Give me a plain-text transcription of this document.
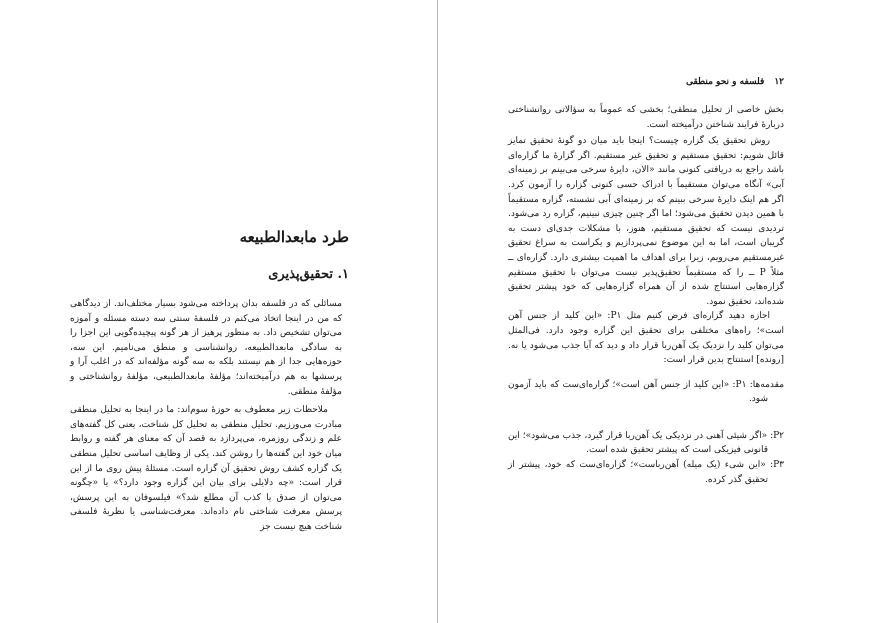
طرد مابعدالطبیعه
۱. تحقیق‌پذیری

مسائلی که در فلسفه بدان پرداخته می‌شود بسیار مختلف‌اند. از دیدگاهی که من در اینجا اتخاذ می‌کنم در فلسفهٔ سنتی سه دسته مسئله و آموزه می‌توان تشخیص داد. به منظور پرهیز از هر گونه پیچیده‌گویی این اجزا را به سادگی مابعدالطبیعه، روانشناسی و منطق می‌نامیم. این سه، حوزه‌هایی جدا از هم نیستند بلکه به سه گونه مؤلفه‌اند که در اغلب آرا و پرسشها به هم درآمیخته‌اند؛ مؤلفهٔ مابعدالطبیعی، مؤلفهٔ روانشناختی و مؤلفهٔ منطقی.

ملاحظات زیر معطوف به حوزهٔ سوم‌اند: ما در اینجا به تحلیل منطقی مبادرت می‌ورزیم. تحلیل منطقی به تحلیل کل شناخت، یعنی کل گفته‌های علم و زندگی روزمره، می‌پردازد به قصد آن که معنای هر گفته و روابط میان خود این گفته‌ها را روشن کند. یکی از وظایف اساسی تحلیل منطقی یک گزاره کشف روش تحقیق آن گزاره است. مسئلهٔ پیش روی ما از این قرار است: «چه دلایلی برای بیان این گزاره وجود دارد؟» یا «چگونه می‌توان از صدق یا کذب آن مطلع شد؟» فیلسوفان به این پرسش، پرسش معرفت شناختی نام داده‌اند. معرفت‌شناسی یا نظریهٔ فلسفی شناخت هیچ نیست جز

۱۲
فلسفه و نحو منطقی

بخش خاصی از تحلیل منطقی؛ بخشی که عموماً به سؤالاتی روانشناختی دربارهٔ فرایند شناختن درآمیخته است.

روش تحقیق یک گزاره چیست؟ اینجا باید میان دو گونهٔ تحقیق تمایز قائل شویم: تحقیق مستقیم و تحقیق غیر مستقیم. اگر گزارهٔ ما گزاره‌ای باشد راجع به دریافتی کنونی مانند «الان، دایرهٔ سرخی می‌بینم بر زمینه‌ای آبی» آنگاه می‌توان مستقیماً با ادراک حسی کنونی گزاره را آزمون کرد. اگر هم اینک دایرهٔ سرخی ببینم که بر زمینه‌ای آبی نشسته، گزاره مستقیماً با همین دیدن تحقیق می‌شود؛ اما اگر چنین چیزی نبینیم، گزاره رد می‌شود. تردیدی نیست که تحقیق مستقیم، هنوز، با مشکلات جدی‌ای دست به گریبان است، اما به این موضوع نمی‌پردازیم و یکراست به سراغ تحقیق غیرمستقیم می‌رویم، زیرا برای اهداف ما اهمیت بیشتری دارد. گزاره‌ای ــ مثلاً P ــ را که مستقیماً تحقیق‌پذیر نیست می‌توان با تحقیق مستقیم گزاره‌هایی استنتاج شده از آن همراه گزاره‌هایی که خود پیشتر تحقیق شده‌اند، تحقیق نمود.

اجازه دهید گزاره‌ای فرض کنیم مثل P۱: «این کلید از جنس آهن است»؛ راه‌های مختلفی برای تحقیق این گزاره وجود دارد. فی‌المثل می‌توان کلید را نزدیک یک آهن‌ربا قرار داد و دید که آیا جذب می‌شود یا نه. [رونده] استنتاج بدین قرار است:

مقدمه‌ها: P۱: «این کلید از جنس آهن است»؛ گزاره‌ای‌ست که باید آزمون شود.

P۲: «اگر شیئی آهنی در نزدیکی یک آهن‌ربا قرار گیرد، جذب می‌شود»؛ این قانونی فیزیکی است که پیشتر تحقیق شده است.

P۳: «این شیء (یک میله) آهن‌رباست»؛ گزاره‌ای‌ست که خود، پیشتر از تحقیق گذر کرده.
